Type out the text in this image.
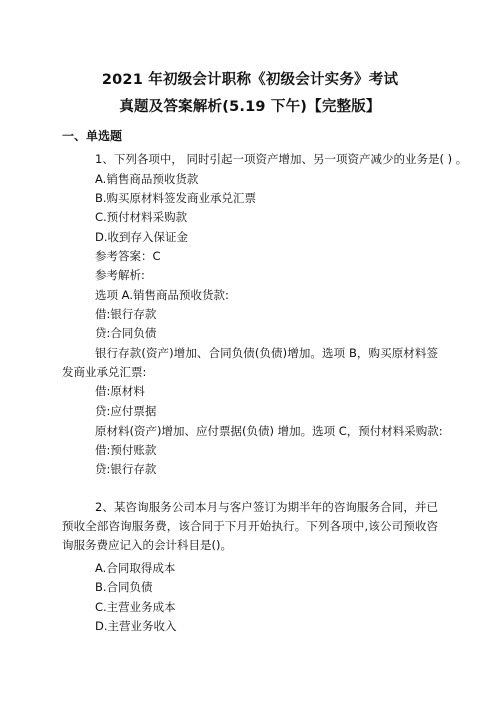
2021 年初级会计职称《初级会计实务》考试
真题及答案解析(5.19 下午)【完整版】
一、单选题
1、下列各项中， 同时引起一项资产增加、另一项资产减少的业务是( ) 。
A.销售商品预收货款
B.购买原材料签发商业承兑汇票
C.预付材料采购款
D.收到存入保证金
参考答案：C
参考解析:
选项 A.销售商品预收货款:
借:银行存款
贷:合同负债
银行存款(资产)增加、合同负债(负债)增加。选项 B，购买原材料签发商业承兑汇票:
借:原材料
贷:应付票据
原材料(资产)增加、应付票据(负债) 增加。选项 C，预付材料采购款:
借:预付账款
贷:银行存款
2、某咨询服务公司本月与客户签订为期半年的咨询服务合同，并已预收全部咨询服务费，该合同于下月开始执行。下列各项中,该公司预收咨询服务费应记入的会计科目是()。
A.合同取得成本
B.合同负债
C.主营业务成本
D.主营业务收入
